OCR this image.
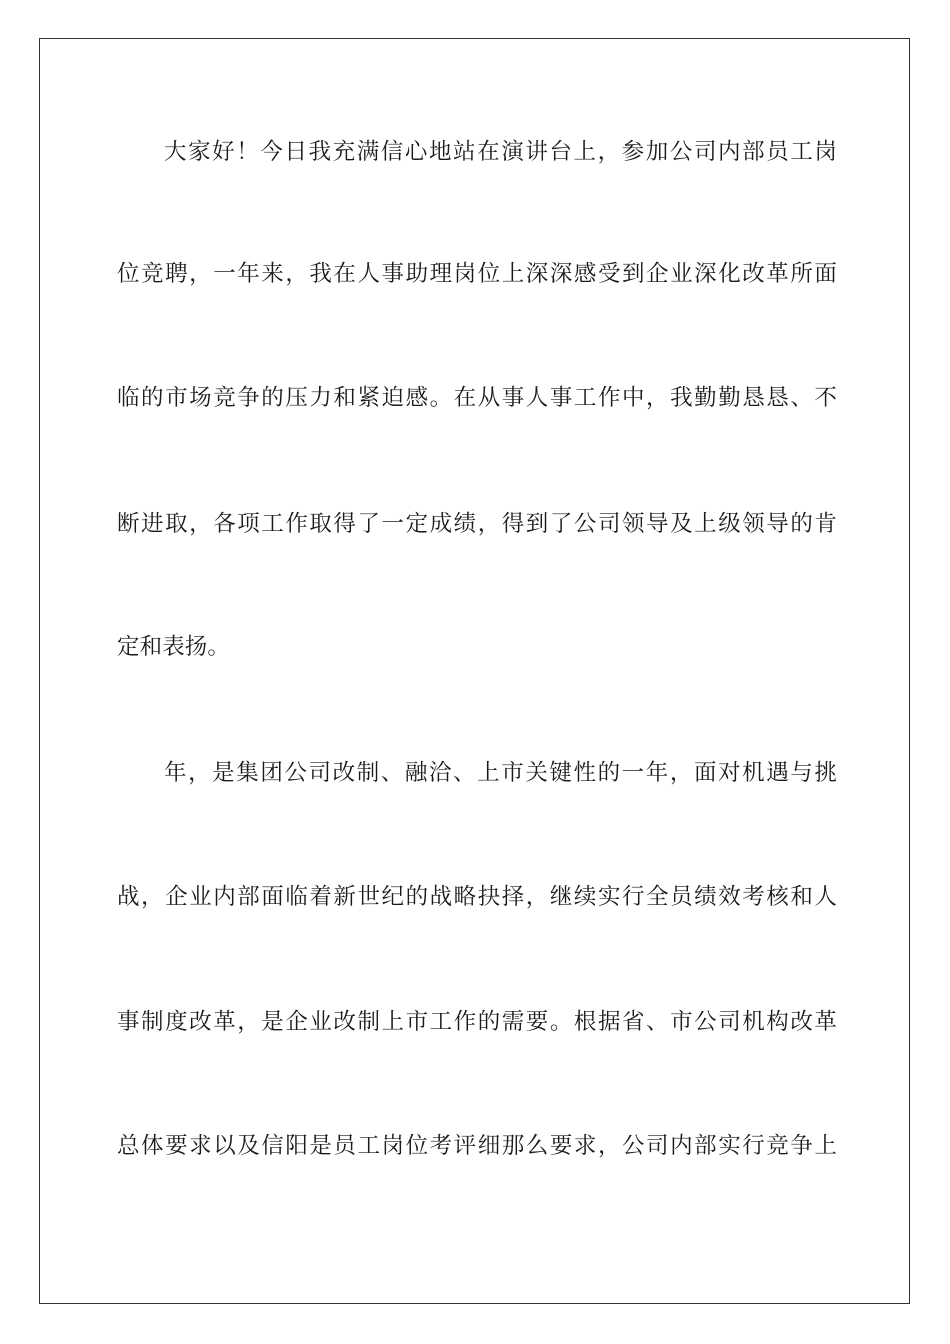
大家好！今日我充满信心地站在演讲台上，参加公司内部员工岗
位竞聘，一年来，我在人事助理岗位上深深感受到企业深化改革所面
临的市场竞争的压力和紧迫感。在从事人事工作中，我勤勤恳恳、不
断进取，各项工作取得了一定成绩，得到了公司领导及上级领导的肯
定和表扬。
年，是集团公司改制、融洽、上市关键性的一年，面对机遇与挑
战，企业内部面临着新世纪的战略抉择，继续实行全员绩效考核和人
事制度改革，是企业改制上市工作的需要。根据省、市公司机构改革
总体要求以及信阳是员工岗位考评细那么要求，公司内部实行竞争上
